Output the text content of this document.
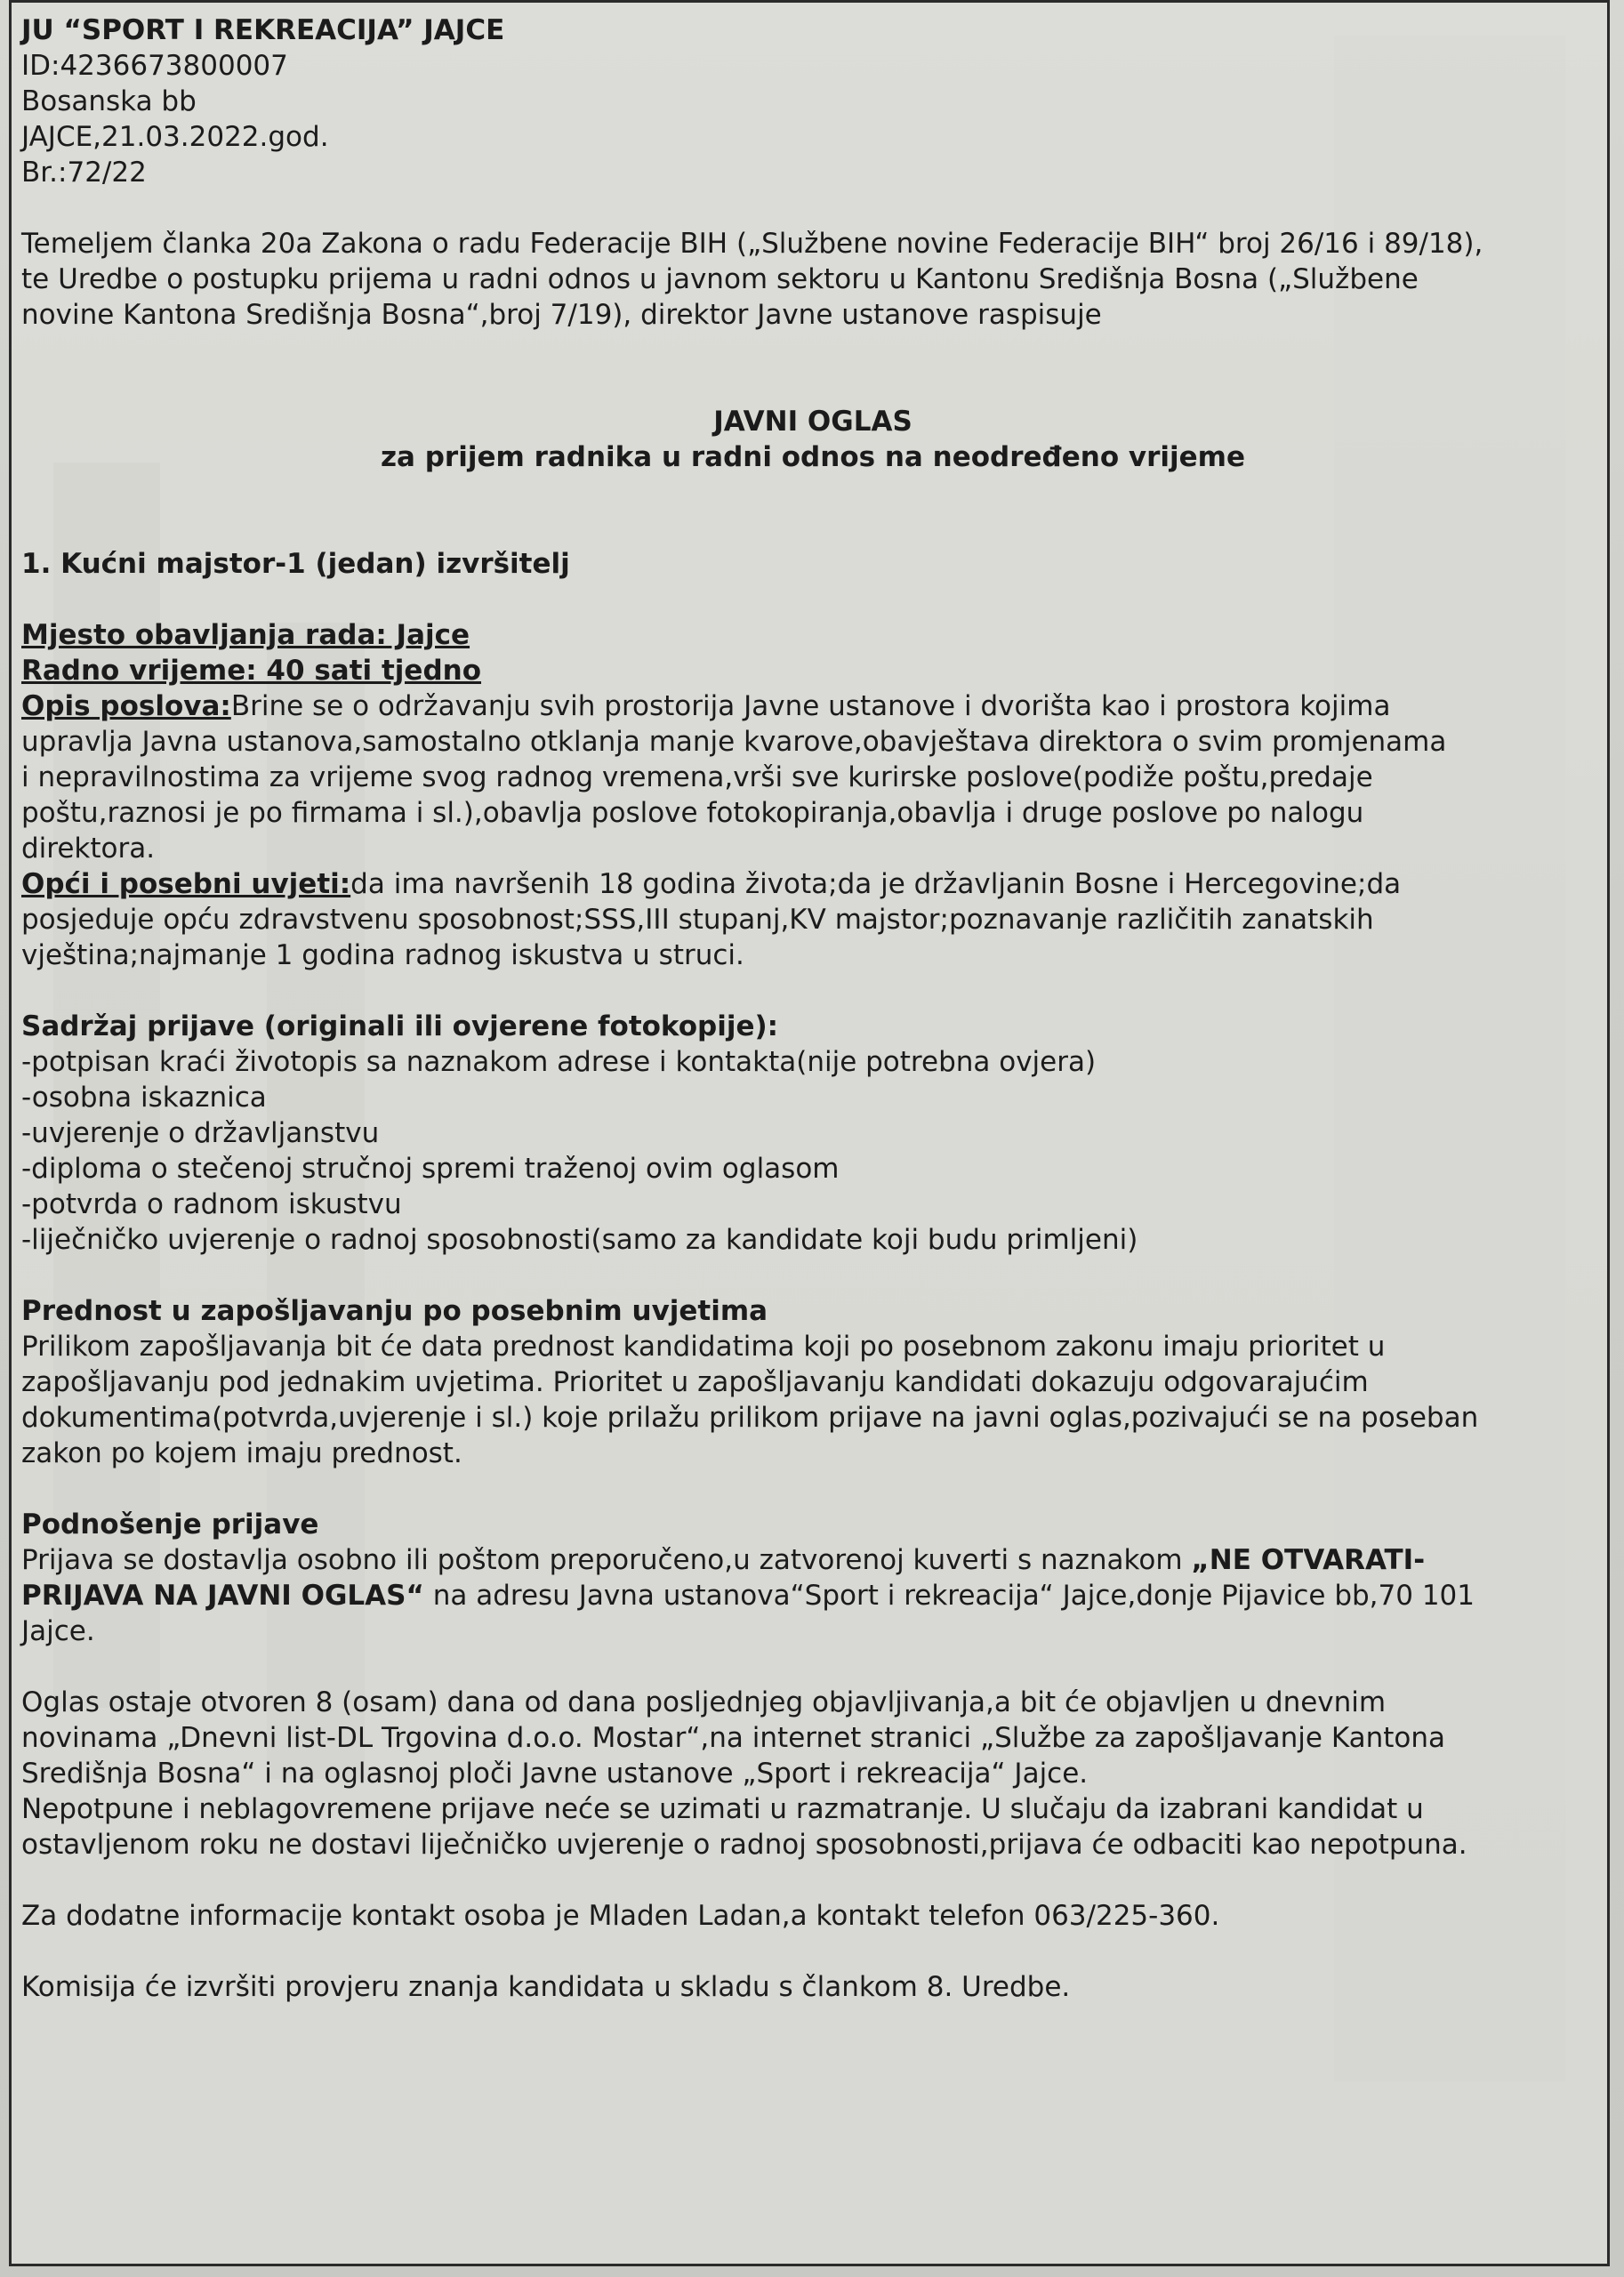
JU “SPORT I REKREACIJA” JAJCE
ID:4236673800007
Bosanska bb
JAJCE,21.03.2022.god.
Br.:72/22
Temeljem članka 20a Zakona o radu Federacije BIH („Službene novine Federacije BIH“ broj 26/16 i 89/18),
te Uredbe o postupku prijema u radni odnos u javnom sektoru u Kantonu Središnja Bosna („Službene
novine Kantona Središnja Bosna“,broj 7/19), direktor Javne ustanove raspisuje
JAVNI OGLAS
za prijem radnika u radni odnos na neodređeno vrijeme
1. Kućni majstor-1 (jedan) izvršitelj
Mjesto obavljanja rada: Jajce
Radno vrijeme: 40 sati tjedno
Opis poslova:Brine se o održavanju svih prostorija Javne ustanove i dvorišta kao i prostora kojima
upravlja Javna ustanova,samostalno otklanja manje kvarove,obavještava direktora o svim promjenama
i nepravilnostima za vrijeme svog radnog vremena,vrši sve kurirske poslove(podiže poštu,predaje
poštu,raznosi je po firmama i sl.),obavlja poslove fotokopiranja,obavlja i druge poslove po nalogu
direktora.
Opći i posebni uvjeti:da ima navršenih 18 godina života;da je državljanin Bosne i Hercegovine;da
posjeduje opću zdravstvenu sposobnost;SSS,III stupanj,KV majstor;poznavanje različitih zanatskih
vještina;najmanje 1 godina radnog iskustva u struci.
Sadržaj prijave (originali ili ovjerene fotokopije):
-potpisan kraći životopis sa naznakom adrese i kontakta(nije potrebna ovjera)
-osobna iskaznica
-uvjerenje o državljanstvu
-diploma o stečenoj stručnoj spremi traženoj ovim oglasom
-potvrda o radnom iskustvu
-liječničko uvjerenje o radnoj sposobnosti(samo za kandidate koji budu primljeni)
Prednost u zapošljavanju po posebnim uvjetima
Prilikom zapošljavanja bit će data prednost kandidatima koji po posebnom zakonu imaju prioritet u
zapošljavanju pod jednakim uvjetima. Prioritet u zapošljavanju kandidati dokazuju odgovarajućim
dokumentima(potvrda,uvjerenje i sl.) koje prilažu prilikom prijave na javni oglas,pozivajući se na poseban
zakon po kojem imaju prednost.
Podnošenje prijave
Prijava se dostavlja osobno ili poštom preporučeno,u zatvorenoj kuverti s naznakom „NE OTVARATI-
PRIJAVA NA JAVNI OGLAS“ na adresu Javna ustanova“Sport i rekreacija“ Jajce,donje Pijavice bb,70 101
Jajce.
Oglas ostaje otvoren 8 (osam) dana od dana posljednjeg objavljivanja,a bit će objavljen u dnevnim
novinama „Dnevni list-DL Trgovina d.o.o. Mostar“,na internet stranici „Službe za zapošljavanje Kantona
Središnja Bosna“ i na oglasnoj ploči Javne ustanove „Sport i rekreacija“ Jajce.
Nepotpune i neblagovremene prijave neće se uzimati u razmatranje. U slučaju da izabrani kandidat u
ostavljenom roku ne dostavi liječničko uvjerenje o radnoj sposobnosti,prijava će odbaciti kao nepotpuna.
Za dodatne informacije kontakt osoba je Mladen Ladan,a kontakt telefon 063/225-360.
Komisija će izvršiti provjeru znanja kandidata u skladu s člankom 8. Uredbe.
